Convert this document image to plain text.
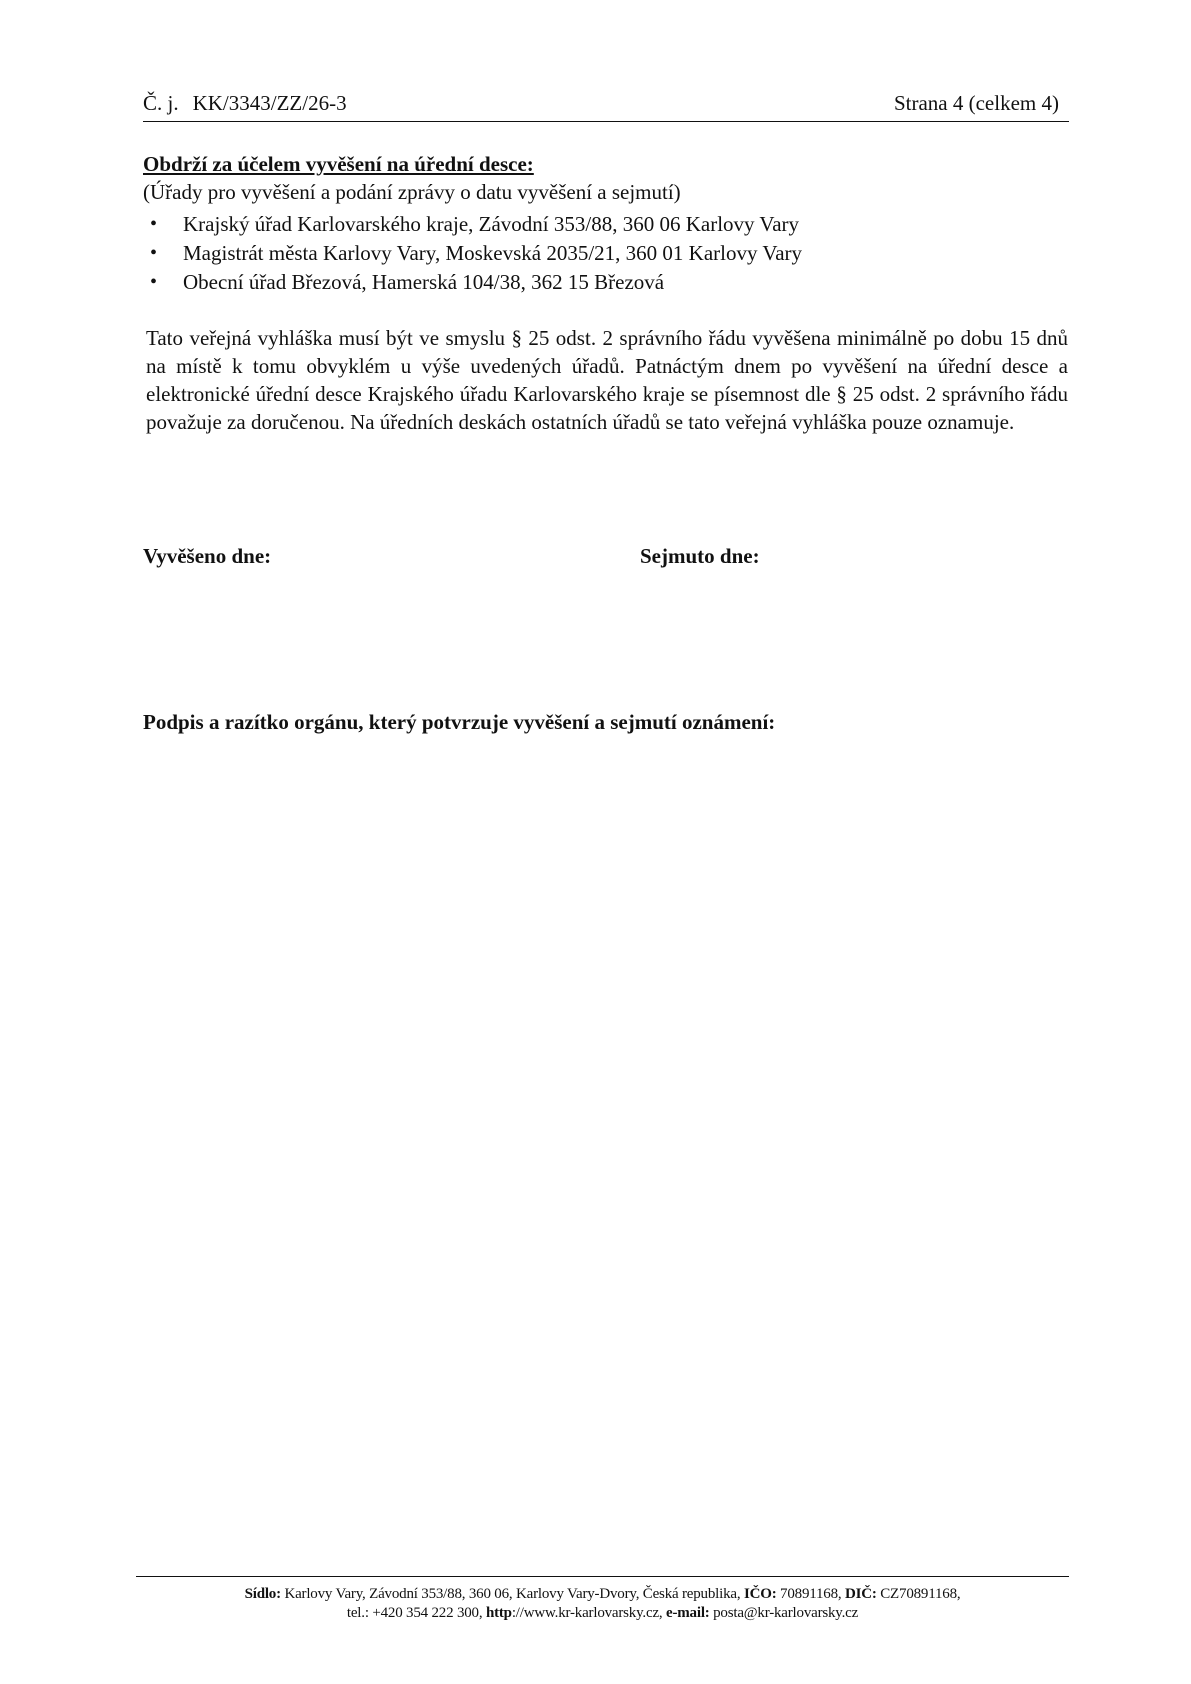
Č. j. KK/3343/ZZ/26-3	Strana 4 (celkem 4)
Obdrží za účelem vyvěšení na úřední desce:
(Úřady pro vyvěšení a podání zprávy o datu vyvěšení a sejmutí)
• Krajský úřad Karlovarského kraje, Závodní 353/88, 360 06 Karlovy Vary
• Magistrát města Karlovy Vary, Moskevská 2035/21, 360 01 Karlovy Vary
• Obecní úřad Březová, Hamerská 104/38, 362 15 Březová
Tato veřejná vyhláška musí být ve smyslu § 25 odst. 2 správního řádu vyvěšena minimálně po dobu 15 dnů na místě k tomu obvyklém u výše uvedených úřadů. Patnáctým dnem po vyvěšení na úřední desce a elektronické úřední desce Krajského úřadu Karlovarského kraje se písemnost dle § 25 odst. 2 správního řádu považuje za doručenou. Na úředních deskách ostatních úřadů se tato veřejná vyhláška pouze oznamuje.
Vyvěšeno dne:	Sejmuto dne:
Podpis a razítko orgánu, který potvrzuje vyvěšení a sejmutí oznámení:
Sídlo: Karlovy Vary, Závodní 353/88, 360 06, Karlovy Vary-Dvory, Česká republika, IČO: 70891168, DIČ: CZ70891168,
tel.: +420 354 222 300, http://www.kr-karlovarsky.cz, e-mail: posta@kr-karlovarsky.cz
